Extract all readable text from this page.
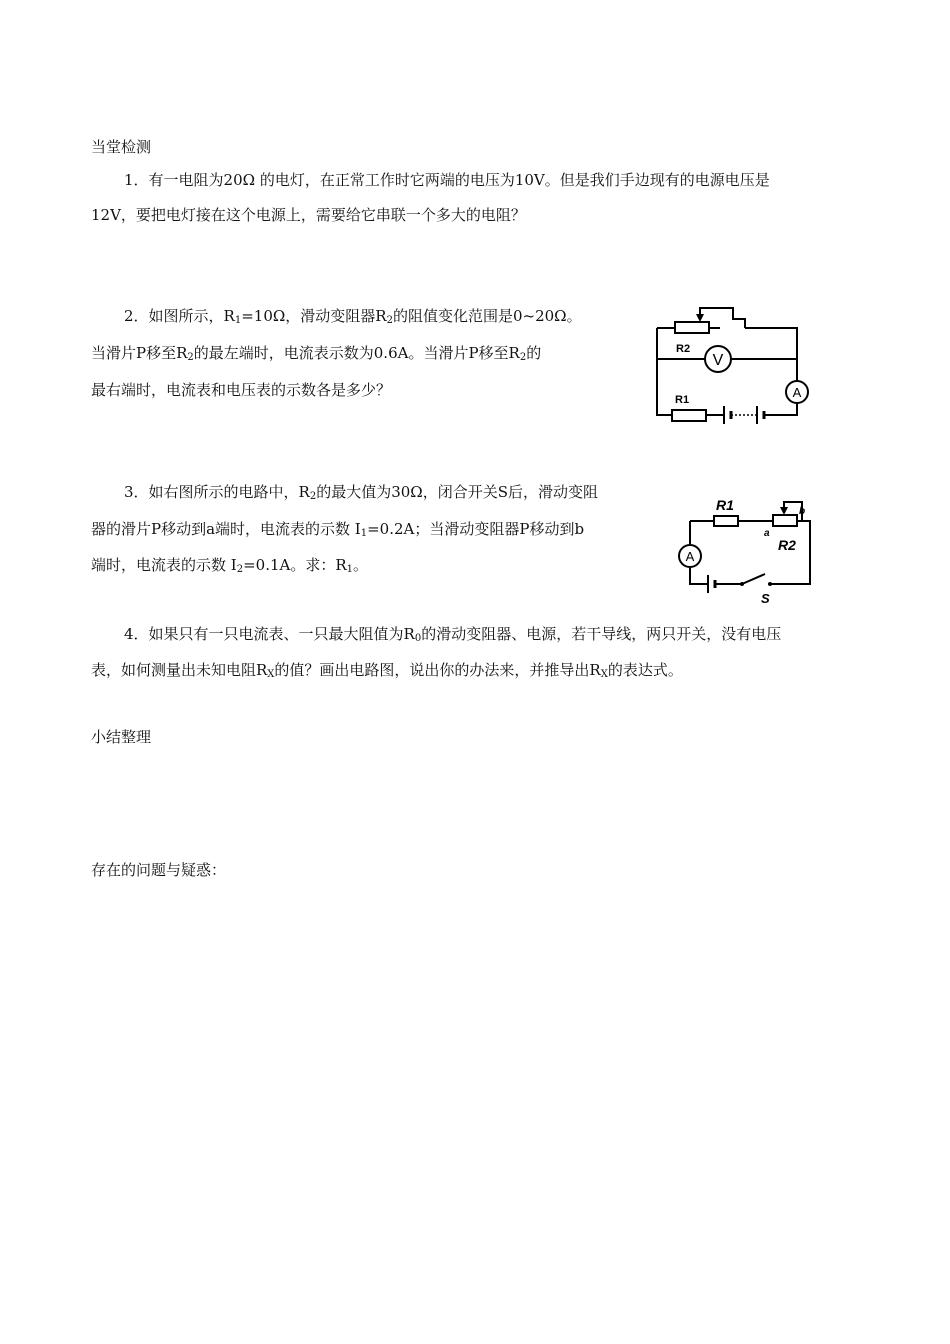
当堂检测
1．有一电阻为20Ω 的电灯，在正常工作时它两端的电压为10V。但是我们手边现有的电源电压是
12V，要把电灯接在这个电源上，需要给它串联一个多大的电阻？
2．如图所示，$R_1=10\Omega$，滑动变阻器$R_2$的阻值变化范围是0~20Ω。
当滑片P移至$R_2$的最左端时，电流表示数为0.6A。当滑片P移至$R_2$的
最右端时，电流表和电压表的示数各是多少？
V
A
R2
R1
3．如右图所示的电路中，$R_2$的最大值为30Ω，闭合开关S后，滑动变阻
器的滑片P移动到a端时，电流表的示数 $I_1=0.2A$；当滑动变阻器P移动到b
端时，电流表的示数 $I_2=0.1A$。求：$R_1$。	A
R1
R2
a
b
S
4．如果只有一只电流表、一只最大阻值为$R_0$的滑动变阻器、电源，若干导线，两只开关，没有电压
表，如何测量出未知电阻$R_X$的值？画出电路图，说出你的办法来，并推导出$R_X$的表达式。
小结整理
存在的问题与疑惑：
